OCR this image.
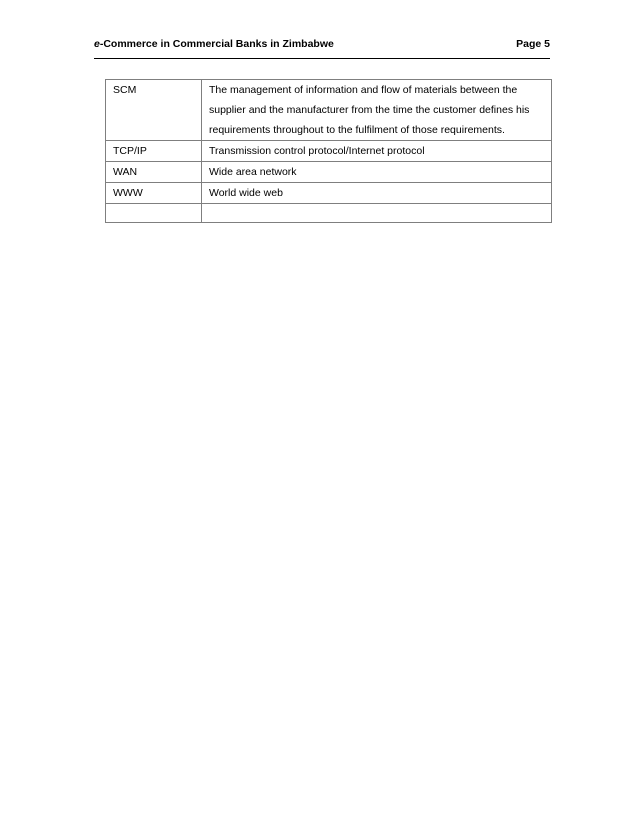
e-Commerce in Commercial Banks in Zimbabwe	Page 5
SCM	The management of information and flow of materials between the supplier and the manufacturer from the time the customer defines his requirements throughout to the fulfilment of those requirements.
TCP/IP	Transmission control protocol/Internet protocol
WAN	Wide area network
WWW	World wide web
